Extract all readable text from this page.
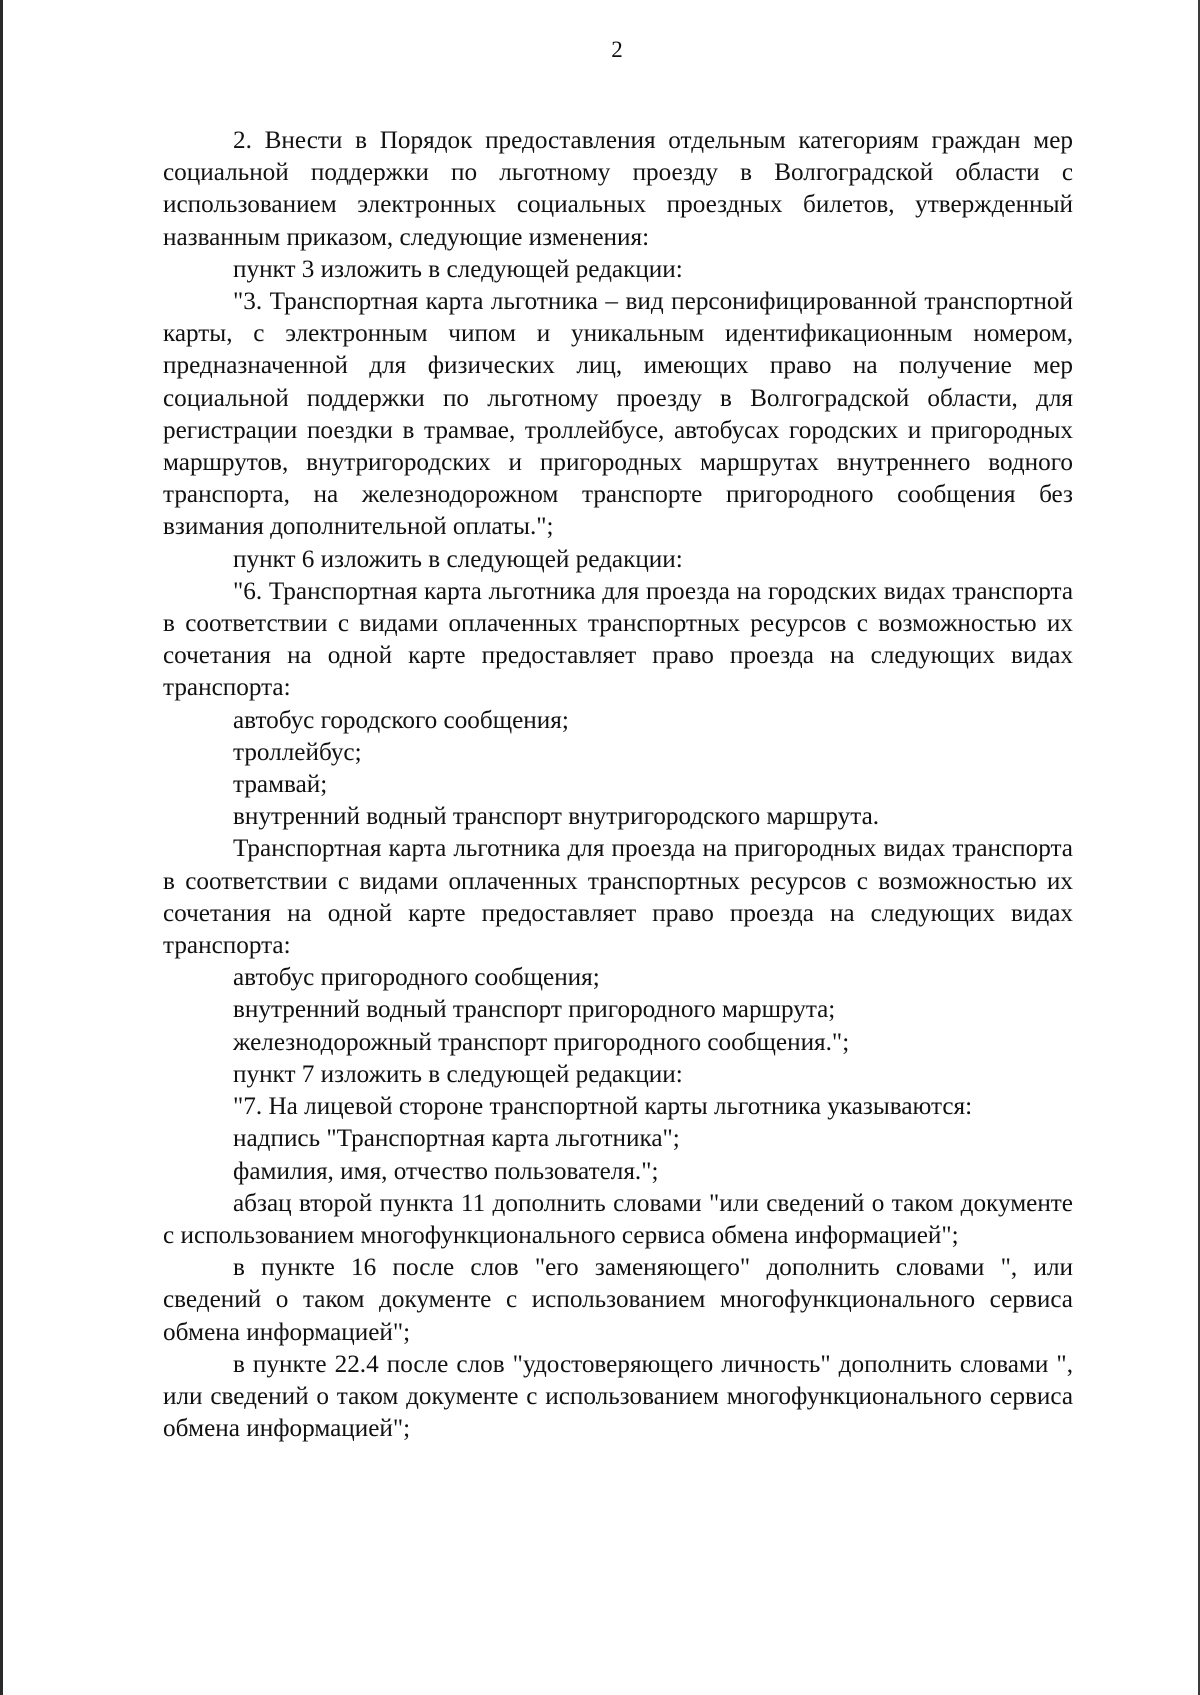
2

2. Внести в Порядок предоставления отдельным категориям граждан мер социальной поддержки по льготному проезду в Волгоградской области с использованием электронных социальных проездных билетов, утвержденный названным приказом, следующие изменения:

пункт 3 изложить в следующей редакции:

"3. Транспортная карта льготника – вид персонифицированной транспортной карты, с электронным чипом и уникальным идентификационным номером, предназначенной для физических лиц, имеющих право на получение мер социальной поддержки по льготному проезду в Волгоградской области, для регистрации поездки в трамвае, троллейбусе, автобусах городских и пригородных маршрутов, внутригородских и пригородных маршрутах внутреннего водного транспорта, на железнодорожном транспорте пригородного сообщения без взимания дополнительной оплаты.";

пункт 6 изложить в следующей редакции:

"6. Транспортная карта льготника для проезда на городских видах транспорта в соответствии с видами оплаченных транспортных ресурсов с возможностью их сочетания на одной карте предоставляет право проезда на следующих видах транспорта:

автобус городского сообщения;

троллейбус;

трамвай;

внутренний водный транспорт внутригородского маршрута.

Транспортная карта льготника для проезда на пригородных видах транспорта в соответствии с видами оплаченных транспортных ресурсов с возможностью их сочетания на одной карте предоставляет право проезда на следующих видах транспорта:

автобус пригородного сообщения;

внутренний водный транспорт пригородного маршрута;

железнодорожный транспорт пригородного сообщения.";

пункт 7 изложить в следующей редакции:

"7. На лицевой стороне транспортной карты льготника указываются:

надпись "Транспортная карта льготника";

фамилия, имя, отчество пользователя.";

абзац второй пункта 11 дополнить словами "или сведений о таком документе с использованием многофункционального сервиса обмена информацией";

в пункте 16 после слов "его заменяющего" дополнить словами ", или сведений о таком документе с использованием многофункционального сервиса обмена информацией";

в пункте 22.4 после слов "удостоверяющего личность" дополнить словами ", или сведений о таком документе с использованием многофункционального сервиса обмена информацией";
